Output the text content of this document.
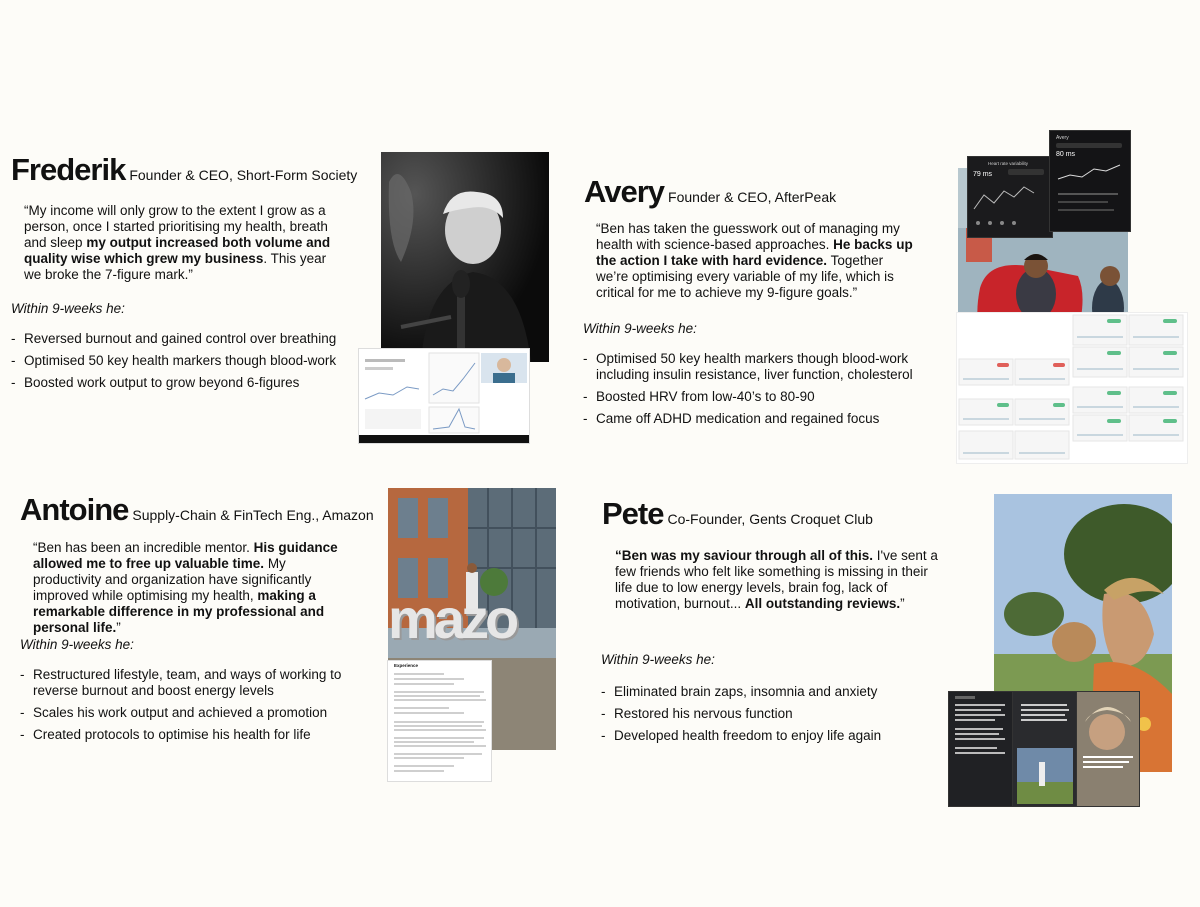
Frederik Founder & CEO, Short-Form Society
“My income will only grow to the extent I grow as a person, once I started prioritising my health, breath and sleep my output increased both volume and quality wise which grew my business. This year we broke the 7-figure mark.”
Within 9-weeks he:
- Reversed burnout and gained control over breathing
- Optimised 50 key health markers though blood-work
- Boosted work output to grow beyond 6-figures
Avery Founder & CEO, AfterPeak
“Ben has taken the guesswork out of managing my health with science-based approaches. He backs up the action I take with hard evidence. Together we’re optimising every variable of my life, which is critical for me to achieve my 9-figure goals.”
Within 9-weeks he:
- Optimised 50 key health markers though blood-work including insulin resistance, liver function, cholesterol
- Boosted HRV from low-40’s to 80-90
- Came off ADHD medication and regained focus
Heart rate variability
79 ms
Avery
80 ms
Antoine Supply-Chain & FinTech Eng., Amazon
“Ben has been an incredible mentor. His guidance allowed me to free up valuable time. My productivity and organization have significantly improved while optimising my health, making a remarkable difference in my professional and personal life.”
Within 9-weeks he:
- Restructured lifestyle, team, and ways of working to reverse burnout and boost energy levels
- Scales his work output and achieved a promotion
- Created protocols to optimise his health for life
mazo
Experience
Pete Co-Founder, Gents Croquet Club
“Ben was my saviour through all of this. I've sent a few friends who felt like something is missing in their life due to low energy levels, brain fog, lack of motivation, burnout... All outstanding reviews.”
Within 9-weeks he:
- Eliminated brain zaps, insomnia and anxiety
- Restored his nervous function
- Developed health freedom to enjoy life again
